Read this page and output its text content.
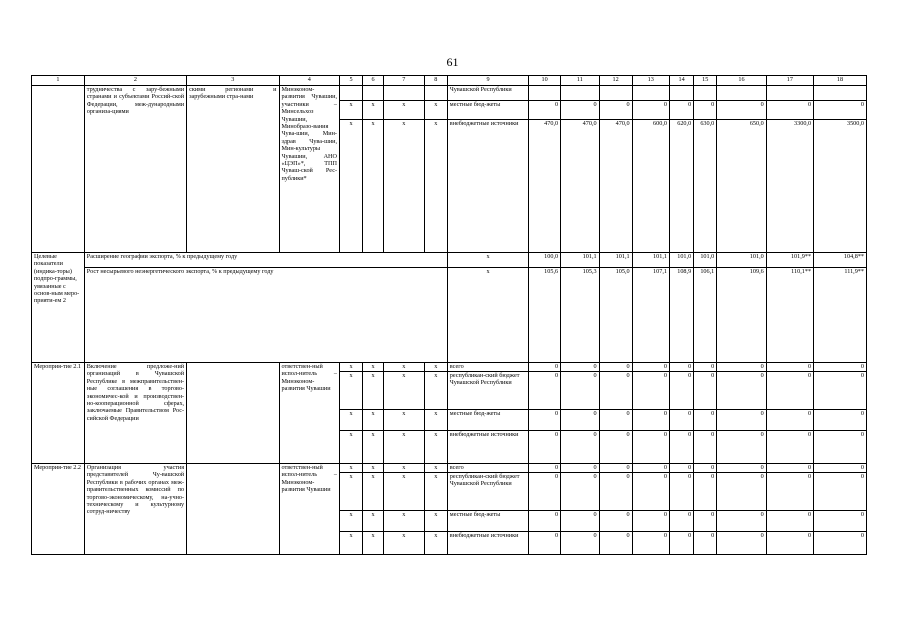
61
1	2	3	4	5	6	7	8	9	10	11	12	13	14	15	16	17	18
	трудничества с зару-бежными странами и субъектами Россий-ской Федерации, меж-дународными организа-циями	скими регионами и зарубежными стра-нами	Минэконом-развития Чувашии, участники – Минсельхоз Чувашии, Минобразо-вания Чува-шии, Мин-здрав Чува-шии, Мин-культуры Чувашии, АНО «ЦЭП»*, ТПП Чуваш-ской Рес-публики*					Чувашской Республики									
				x	x	x	x	местные бюд-жеты	0	0	0	0	0	0	0	0	0
				x	x	x	x	внебюджетные источники	470,0	470,0	470,0	600,0	620,0	630,0	650,0	3300,0	3500,0
Целевые показатели (индика-торы) подпро-граммы, увязанные с основ-ным меро-прияти-ем 2	Расширение географии экспорта, % к предыдущему году							х	100,0	101,1	101,1	101,1	101,0	101,0	101,0	101,9**	104,8**
	Рост несырьевого неэнергетического экспорта, % к предыдущему году							х	105,6	105,3	105,0	107,1	108,9	106,1	109,6	110,1**	111,9**
Мероприя-тие 2.1	Включение предложе-ний организаций в Чувашской Республике в межправительствен-ные соглашения в торгово-экономичес-кой и производствен-но-кооперационной сферах, заключаемые Правительством Рос-сийской Федерации		ответствен-ный испол-нитель – Минэконом-развития Чувашии	x	x	x	x	всего	0	0	0	0	0	0	0	0	0
				x	x	x	x	республикан-ский бюджет Чувашской Республики	0	0	0	0	0	0	0	0	0
				x	x	x	x	местные бюд-жеты	0	0	0	0	0	0	0	0	0
				x	x	x	x	внебюджетные источники	0	0	0	0	0	0	0	0	0
Мероприя-тие 2.2	Организация участия представителей Чу-вашской Республики в рабочих органах меж-правительственных комиссий по торгово-экономическому, на-учно-техническому и культурному сотруд-ничеству		ответствен-ный испол-нитель – Минэконом-развития Чувашии	x	x	x	x	всего	0	0	0	0	0	0	0	0	0
				x	x	x	x	республикан-ский бюджет Чувашской Республики	0	0	0	0	0	0	0	0	0
				x	x	x	x	местные бюд-жеты	0	0	0	0	0	0	0	0	0
				x	x	x	x	внебюджетные источники	0	0	0	0	0	0	0	0	0
